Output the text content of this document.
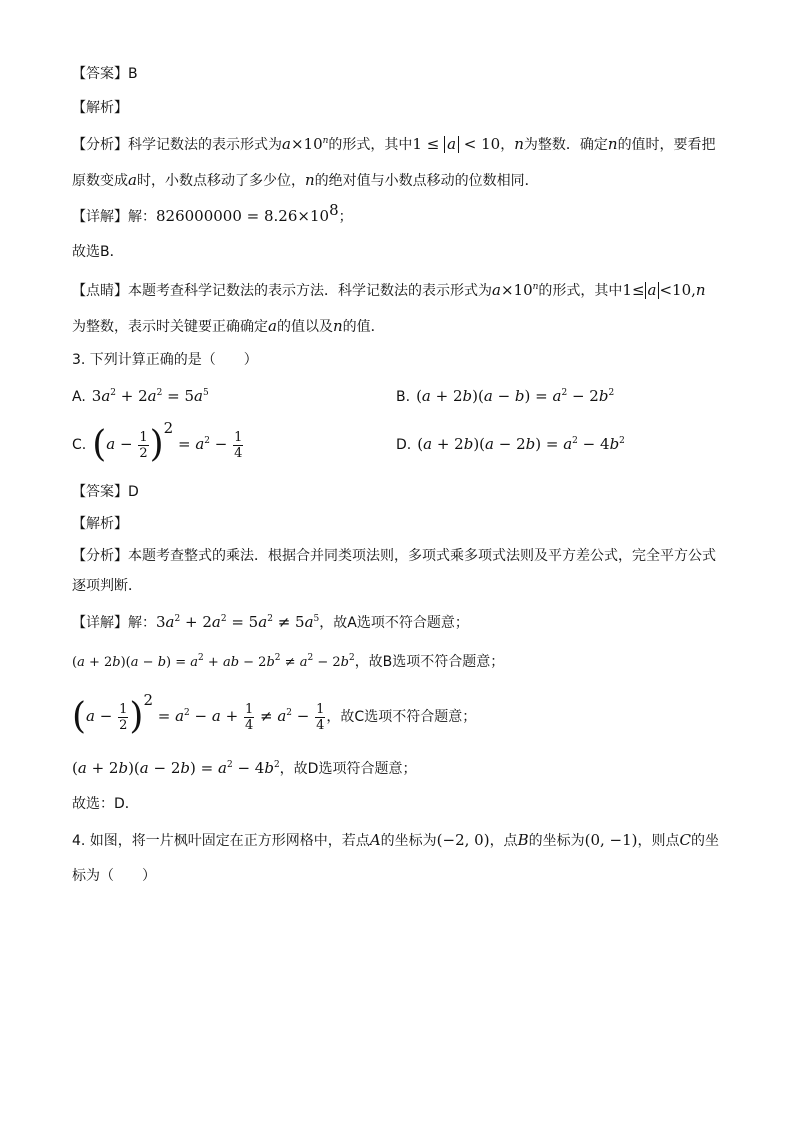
【答案】B
【解析】
【分析】科学记数法的表示形式为$a\times 10^n$的形式，其中1 ≤ a < 10，n为整数．确定n的值时，要看把
原数变成a时，小数点移动了多少位，n的绝对值与小数点移动的位数相同．
【详解】解：$826000000 = 8.26\times 10^8$；
故选B．
【点睛】本题考查科学记数法的表示方法．科学记数法的表示形式为$a\times 10^n$的形式，其中1≤ a <10,n
为整数，表示时关键要正确确定a的值以及n的值．
3. 下列计算正确的是（　　）
A. $3a^2 + 2a^2 = 5a^5$	B. $(a + 2b)(a - b) = a^2 - 2b^2$
C. $(a - \frac{1}{2} )^2 = a^2 - \frac{1}{4}$	D. $(a + 2b)(a - 2b) = a^2 - 4b^2$
【答案】D
【解析】
【分析】本题考查整式的乘法．根据合并同类项法则，多项式乘多项式法则及平方差公式，完全平方公式
逐项判断．
【详解】解：$3a^2 + 2a^2 = 5a^2 \ne 5a^5$，故A选项不符合题意；
$(a + 2b)(a - b) = a^2$ + ab − $2b^2 \ne a^2 - 2b^2$，故B选项不符合题意；
$(a - \frac{1}{2} )^2 = a^2 - a + \frac{1}{4} \ne a^2 - \frac{1}{4}$ ，故C选项不符合题意；
$(a + 2b)(a - 2b) = a^2 - 4b^2$，故D选项符合题意；
故选：D．
4. 如图，将一片枫叶固定在正方形网格中，若点A的坐标为(−2, 0)，点B的坐标为(0, −1)，则点C的坐
标为（　　）
